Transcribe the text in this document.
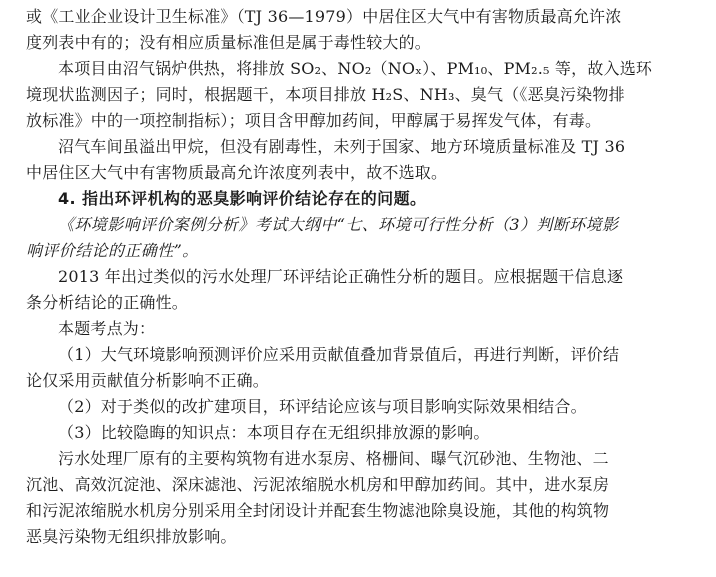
或《工业企业设计卫生标准》（TJ 36—1979）中居住区大气中有害物质最高允许浓
度列表中有的；没有相应质量标准但是属于毒性较大的。
本项目由沼气锅炉供热，将排放 SO₂、NO₂（NOₓ）、PM₁₀、PM₂.₅ 等，故入选环
境现状监测因子；同时，根据题干，本项目排放 H₂S、NH₃、臭气（《恶臭污染物排
放标准》中的一项控制指标）；项目含甲醇加药间，甲醇属于易挥发气体，有毒。
沼气车间虽溢出甲烷，但没有剧毒性，未列于国家、地方环境质量标准及 TJ 36
中居住区大气中有害物质最高允许浓度列表中，故不选取。
4. 指出环评机构的恶臭影响评价结论存在的问题。
《环境影响评价案例分析》考试大纲中“七、环境可行性分析（3）判断环境影
响评价结论的正确性”。
2013 年出过类似的污水处理厂环评结论正确性分析的题目。应根据题干信息逐
条分析结论的正确性。
本题考点为：
（1）大气环境影响预测评价应采用贡献值叠加背景值后，再进行判断，评价结
论仅采用贡献值分析影响不正确。
（2）对于类似的改扩建项目，环评结论应该与项目影响实际效果相结合。
（3）比较隐晦的知识点：本项目存在无组织排放源的影响。
污水处理厂原有的主要构筑物有进水泵房、格栅间、曝气沉砂池、生物池、二
沉池、高效沉淀池、深床滤池、污泥浓缩脱水机房和甲醇加药间。其中，进水泵房
和污泥浓缩脱水机房分别采用全封闭设计并配套生物滤池除臭设施，其他的构筑物
恶臭污染物无组织排放影响。
